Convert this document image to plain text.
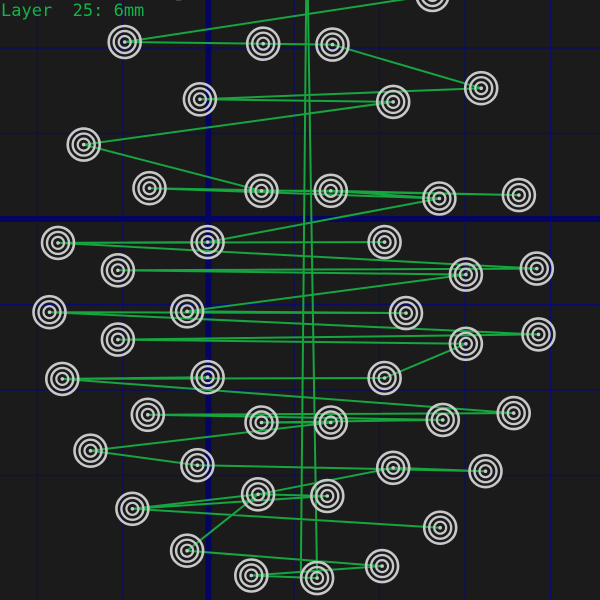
Layer  25: 6mm
